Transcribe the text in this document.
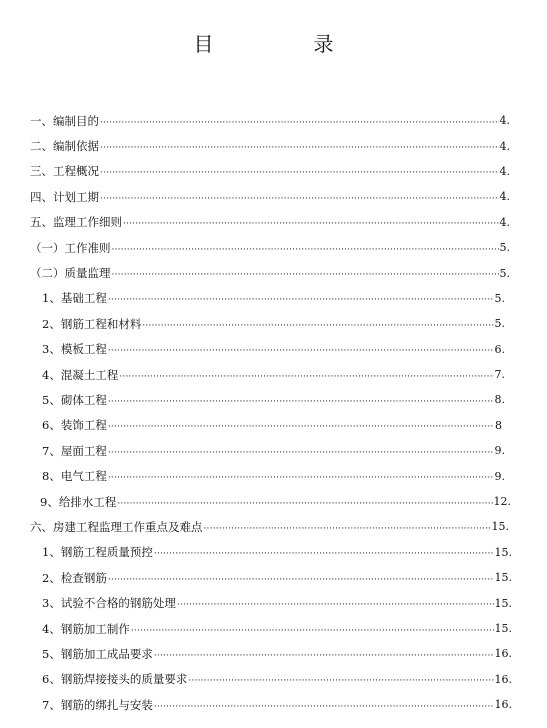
目　录
一、编制目的 ·····	4.
二、编制依据 ·····	4.
三、工程概况 ·····	4.
四、计划工期 ·····	4.
五、监理工作细则 ·····	4.
（一）工作准则 ·····	5.
（二）质量监理 ·····	5.
1、基础工程 ·····	5.
2、钢筋工程和材料 ·····	5.
3、模板工程 ·····	6.
4、混凝土工程 ·····	7.
5、砌体工程 ·····	8.
6、装饰工程 ·····	8
7、屋面工程 ·····	9.
8、电气工程 ·····	9.
9、给排水工程 ·····	12.
六、房建工程监理工作重点及难点 ·····	15.
1、钢筋工程质量预控 ·····	15.
2、检查钢筋 ·····	15.
3、试验不合格的钢筋处理 ·····	15.
4、钢筋加工制作 ·····	15.
5、钢筋加工成品要求 ·····	16.
6、钢筋焊接接头的质量要求 ·····	16.
7、钢筋的绑扎与安装 ·····	16.
